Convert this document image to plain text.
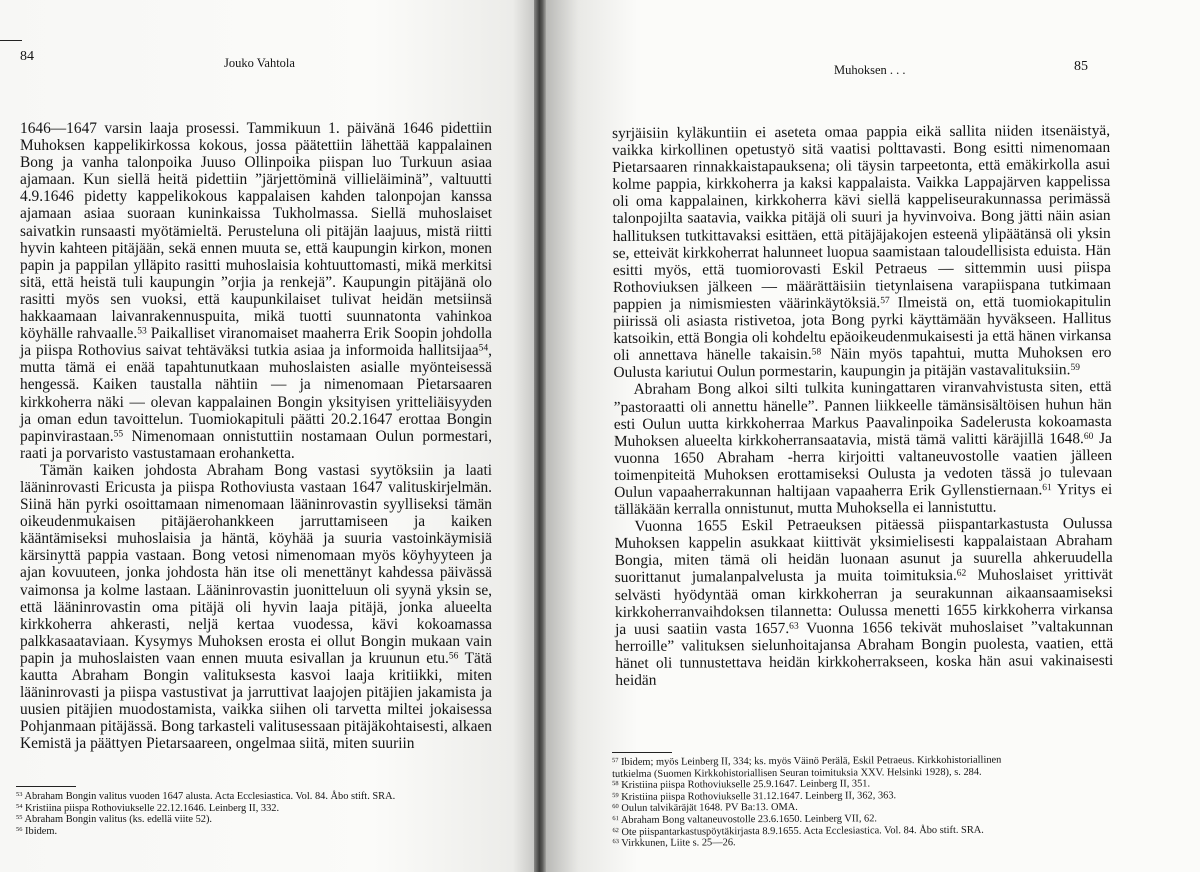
84	Jouko Vahtola

1646—1647 varsin laaja prosessi. Tammikuun 1. päivänä 1646 pidettiin Muhoksen kappelikirkossa kokous, jossa päätettiin lähettää kappalainen Bong ja vanha talonpoika Juuso Ollinpoika piispan luo Turkuun asiaa ajamaan. Kun siellä heitä pidettiin ”järjettöminä villieläiminä”, valtuutti 4.9.1646 pidetty kappelikokous kappalaisen kahden talonpojan kanssa ajamaan asiaa suoraan kuninkaissa Tukholmassa. Siellä muhoslaiset saivatkin runsaasti myötämieltä. Perusteluna oli pitäjän laajuus, mistä riitti hyvin kahteen pitäjään, sekä ennen muuta se, että kaupungin kirkon, monen papin ja pappilan ylläpito rasitti muhoslaisia kohtuuttomasti, mikä merkitsi sitä, että heistä tuli kaupungin ”orjia ja renkejä”. Kaupungin pitäjänä olo rasitti myös sen vuoksi, että kaupunkilaiset tulivat heidän metsiinsä hakkaamaan laivanrakennuspuita, mikä tuotti suunnatonta vahinkoa köyhälle rahvaalle.$^{53}$ Paikalliset viranomaiset maaherra Erik Soopin johdolla ja piispa Rothovius saivat tehtäväksi tutkia asiaa ja informoida hallitsijaa$^{54}$, mutta tämä ei enää tapahtunutkaan muhoslaisten asialle myönteisessä hengessä. Kaiken taustalla nähtiin — ja nimenomaan Pietarsaaren kirkkoherra näki — olevan kappalainen Bongin yksityisen yritteliäisyyden ja oman edun tavoittelun. Tuomiokapituli päätti 20.2.1647 erottaa Bongin papinvirastaan.$^{55}$ Nimenomaan onnistuttiin nostamaan Oulun pormestari, raati ja porvaristo vastustamaan erohanketta.

Tämän kaiken johdosta Abraham Bong vastasi syytöksiin ja laati lääninrovasti Ericusta ja piispa Rothoviusta vastaan 1647 valituskirjelmän. Siinä hän pyrki osoittamaan nimenomaan lääninrovastin syylliseksi tämän oikeudenmukaisen pitäjäerohankkeen jarruttamiseen ja kaiken kääntämiseksi muhoslaisia ja häntä, köyhää ja suuria vastoinkäymisiä kärsinyttä pappia vastaan. Bong vetosi nimenomaan myös köyhyyteen ja ajan kovuuteen, jonka johdosta hän itse oli menettänyt kahdessa päivässä vaimonsa ja kolme lastaan. Lääninrovastin juonitteluun oli syynä yksin se, että lääninrovastin oma pitäjä oli hyvin laaja pitäjä, jonka alueelta kirkkoherra ahkerasti, neljä kertaa vuodessa, kävi kokoamassa palkkasaataviaan. Kysymys Muhoksen erosta ei ollut Bongin mukaan vain papin ja muhoslaisten vaan ennen muuta esivallan ja kruunun etu.$^{56}$ Tätä kautta Abraham Bongin valituksesta kasvoi laaja kritiikki, miten lääninrovasti ja piispa vastustivat ja jarruttivat laajojen pitäjien jakamista ja uusien pitäjien muodostamista, vaikka siihen oli tarvetta miltei jokaisessa Pohjanmaan pitäjässä. Bong tarkasteli valitusessaan pitäjäkohtaisesti, alkaen Kemistä ja päättyen Pietarsaareen, ongelmaa siitä, miten suuriin

$^{53}$ Abraham Bongin valitus vuoden 1647 alusta. Acta Ecclesiastica. Vol. 84. Åbo stift. SRA.
$^{54}$ Kristiina piispa Rothoviukselle 22.12.1646. Leinberg II, 332.
$^{55}$ Abraham Bongin valitus (ks. edellä viite 52).
$^{56}$ Ibidem.
Muhoksen . . .	85

syrjäisiin kyläkuntiin ei aseteta omaa pappia eikä sallita niiden itsenäistyä, vaikka kirkollinen opetustyö sitä vaatisi polttavasti. Bong esitti nimenomaan Pietarsaaren rinnakkaistapauksena; oli täysin tarpeetonta, että emäkirkolla asui kolme pappia, kirkkoherra ja kaksi kappalaista. Vaikka Lappajärven kappelissa oli oma kappalainen, kirkkoherra kävi siellä kappeliseurakunnassa perimässä talonpojilta saatavia, vaikka pitäjä oli suuri ja hyvinvoiva. Bong jätti näin asian hallituksen tutkittavaksi esittäen, että pitäjäjakojen esteenä ylipäätänsä oli yksin se, etteivät kirkkoherrat halunneet luopua saamistaan taloudellisista eduista. Hän esitti myös, että tuomiorovasti Eskil Petraeus — sittemmin uusi piispa Rothoviuksen jälkeen — määrättäisiin tietynlaisena varapiispana tutkimaan pappien ja nimismiesten väärinkäytöksiä.$^{57}$ Ilmeistä on, että tuomiokapitulin piirissä oli asiasta ristivetoa, jota Bong pyrki käyttämään hyväkseen. Hallitus katsoikin, että Bongia oli kohdeltu epäoikeudenmukaisesti ja että hänen virkansa oli annettava hänelle takaisin.$^{58}$ Näin myös tapahtui, mutta Muhoksen ero Oulusta kariutui Oulun pormestarin, kaupungin ja pitäjän vastavalituksiin.$^{59}$

Abraham Bong alkoi silti tulkita kuningattaren viranvahvistusta siten, että ”pastoraatti oli annettu hänelle”. Pannen liikkeelle tämänsisältöisen huhun hän esti Oulun uutta kirkkoherraa Markus Paavalinpoika Sadelerusta kokoamasta Muhoksen alueelta kirkkoherransaatavia, mistä tämä valitti käräjillä 1648.60 Ja vuonna 1650 Abraham -herra kirjoitti valtaneuvostolle vaatien jälleen toimenpiteitä Muhoksen erottamiseksi Oulusta ja vedoten tässä jo tulevaan Oulun vapaaherrakunnan haltijaan vapaaherra Erik Gyllenstiernaan.$^{61}$ Yritys ei tälläkään kerralla onnistunut, mutta Muhoksella ei lannistuttu.

Vuonna 1655 Eskil Petraeuksen pitäessä piispantarkastusta Oulussa Muhoksen kappelin asukkaat kiittivät yksimielisesti kappalaistaan Abraham Bongia, miten tämä oli heidän luonaan asunut ja suurella ahkeruudella suorittanut jumalanpalvelusta ja muita toimituksia.$^{62}$ Muhoslaiset yrittivät selvästi hyödyntää oman kirkkoherran ja seurakunnan aikaansaamiseksi kirkkoherranvaihdoksen tilannetta: Oulussa menetti 1655 kirkkoherra virkansa ja uusi saatiin vasta 1657.63 Vuonna 1656 tekivät muhoslaiset ”valtakunnan herroille” valituksen sielunhoitajansa Abraham Bongin puolesta, vaatien, että hänet oli tunnustettava heidän kirkkoherrakseen, koska hän asui vakinaisesti heidän

$^{57}$ Ibidem; myös Leinberg II, 334; ks. myös Väinö Perälä, Eskil Petraeus. Kirkkohistoriallinen
tutkielma (Suomen Kirkkohistoriallisen Seuran toimituksia XXV. Helsinki 1928), s. 284.
$^{58}$ Kristiina piispa Rothoviukselle 25.9.1647. Leinberg II, 351.
$^{59}$ Kristiina piispa Rothoviukselle 31.12.1647. Leinberg II, 362, 363.
$^{60}$ Oulun talvikäräjät 1648. PV Ba:13. OMA.
$^{61}$ Abraham Bong valtaneuvostolle 23.6.1650. Leinberg VII, 62.
$^{62}$ Ote piispantarkastuspöytäkirjasta 8.9.1655. Acta Ecclesiastica. Vol. 84. Åbo stift. SRA.
$^{63}$ Virkkunen, Liite s. 25—26.
